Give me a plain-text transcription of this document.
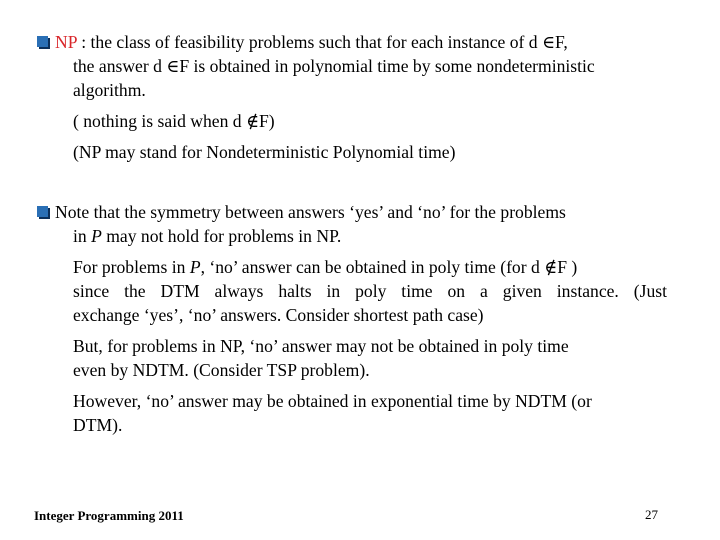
NP : the class of feasibility problems such that for each instance of d ∈F,
the answer d ∈F is obtained in polynomial time by some nondeterministic
algorithm.
( nothing is said when d ∉F)
(NP may stand for Nondeterministic Polynomial time)
Note that the symmetry between answers ‘yes’ and ‘no’ for the problems
in P may not hold for problems in NP.
For problems in P, ‘no’ answer can be obtained in poly time (for d ∉F )
since the DTM always halts in poly time on a given instance. (Just
exchange ‘yes’, ‘no’ answers. Consider shortest path case)
But, for problems in NP, ‘no’ answer may not be obtained in poly time
even by NDTM. (Consider TSP problem).
However, ‘no’ answer may be obtained in exponential time by NDTM (or
DTM).
Integer Programming 2011	27
